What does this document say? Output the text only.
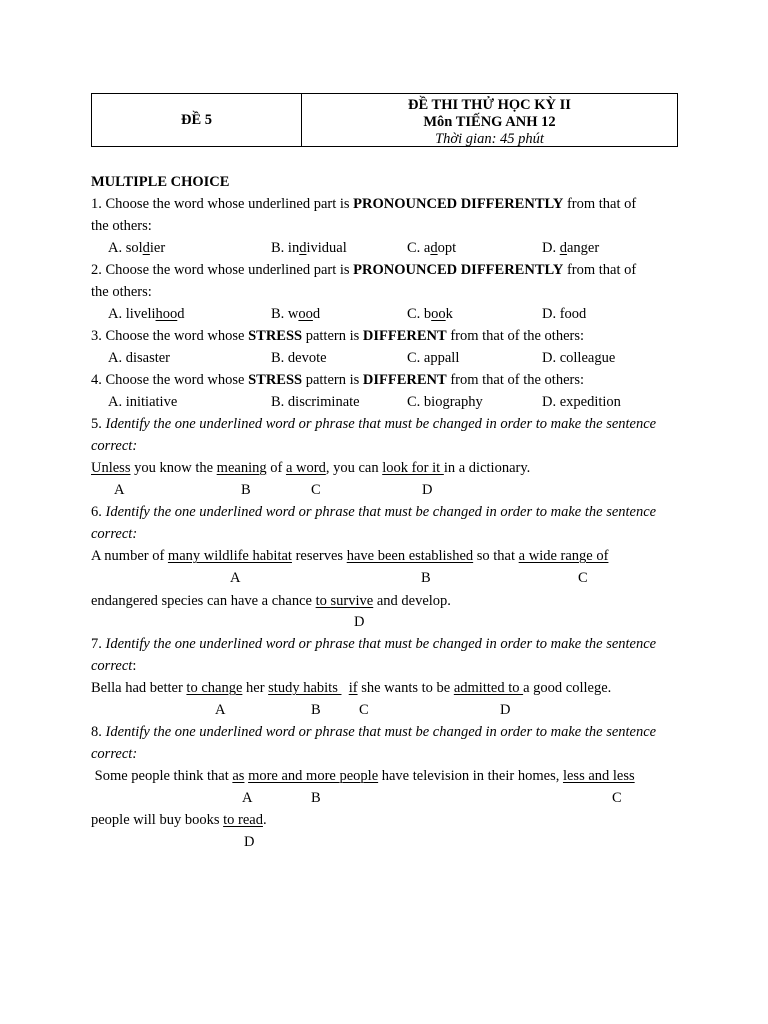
ĐỀ 5
ĐỀ THI THỬ HỌC KỲ II
Môn TIẾNG ANH 12
Thời gian: 45 phút
MULTIPLE CHOICE
1. Choose the word whose underlined part is PRONOUNCED DIFFERENTLY from that of
the others:
A. soldier	B. individual	C. adopt	D. danger
2. Choose the word whose underlined part is PRONOUNCED DIFFERENTLY from that of
the others:
A. livelihood	B. wood	C. book	D. food
3. Choose the word whose STRESS pattern is DIFFERENT from that of the others:
A. disaster	B. devote	C. appall	D. colleague
4. Choose the word whose STRESS pattern is DIFFERENT from that of the others:
A. initiative	B. discriminate	C. biography	D. expedition
5. Identify the one underlined word or phrase that must be changed in order to make the sentence
correct:
Unless you know the meaning of a word, you can look for it in a dictionary.
A	B	C	D
6. Identify the one underlined word or phrase that must be changed in order to make the sentence
correct:
A number of many wildlife habitat reserves have been established so that a wide range of
A	B	C
endangered species can have a chance to survive and develop.
D
7. Identify the one underlined word or phrase that must be changed in order to make the sentence
correct:
Bella had better to change her study habits   if she wants to be admitted to a good college.
A	B	C	D
8. Identify the one underlined word or phrase that must be changed in order to make the sentence
correct:
Some people think that as more and more people have television in their homes, less and less
A	B	C
people will buy books to read.
D
